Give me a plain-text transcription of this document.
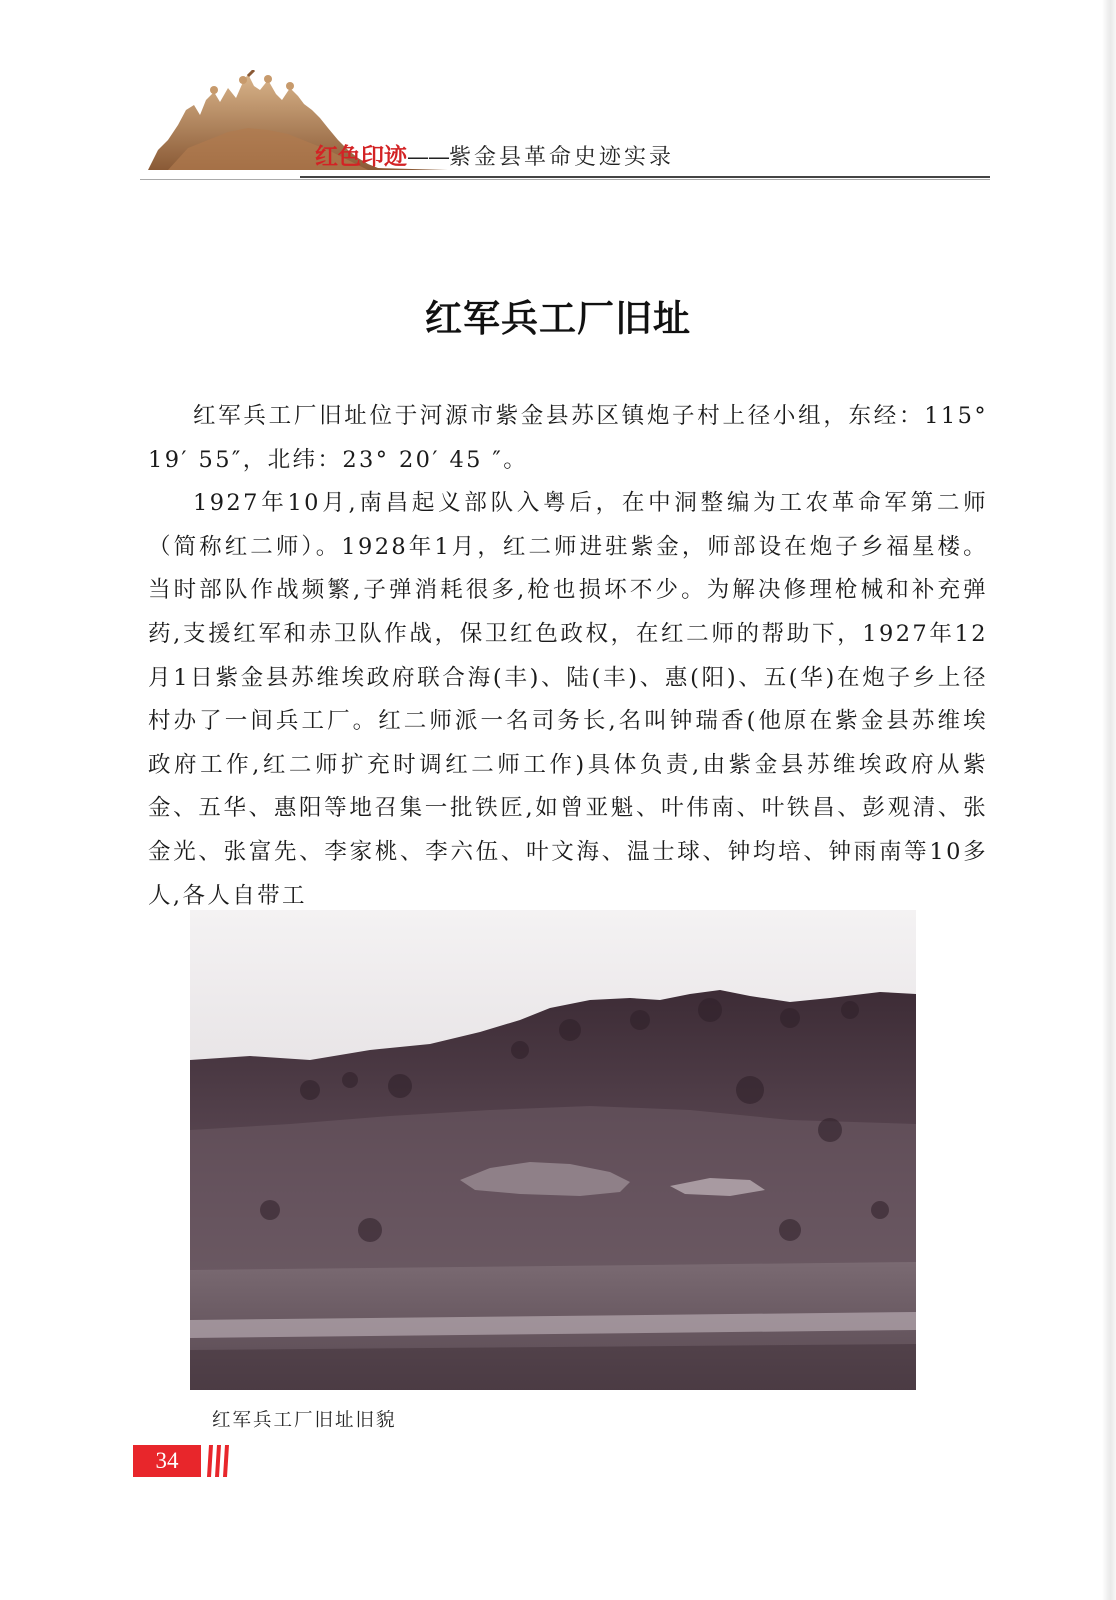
红色印迹——紫金县革命史迹实录
红军兵工厂旧址

红军兵工厂旧址位于河源市紫金县苏区镇炮子村上径小组，东经：115° 19′ 55″，北纬：23° 20′ 45 ″。

1927年10月,南昌起义部队入粤后，在中洞整编为工农革命军第二师（简称红二师）。1928年1月，红二师进驻紫金，师部设在炮子乡福星楼。当时部队作战频繁,子弹消耗很多,枪也损坏不少。为解决修理枪械和补充弹药,支援红军和赤卫队作战，保卫红色政权，在红二师的帮助下，1927年12月1日紫金县苏维埃政府联合海(丰)、陆(丰)、惠(阳)、五(华)在炮子乡上径村办了一间兵工厂。红二师派一名司务长,名叫钟瑞香(他原在紫金县苏维埃政府工作,红二师扩充时调红二师工作)具体负责,由紫金县苏维埃政府从紫金、五华、惠阳等地召集一批铁匠,如曾亚魁、叶伟南、叶铁昌、彭观清、张金光、张富先、李家桃、李六伍、叶文海、温士球、钟均培、钟雨南等10多人,各人自带工

红军兵工厂旧址旧貌
34
